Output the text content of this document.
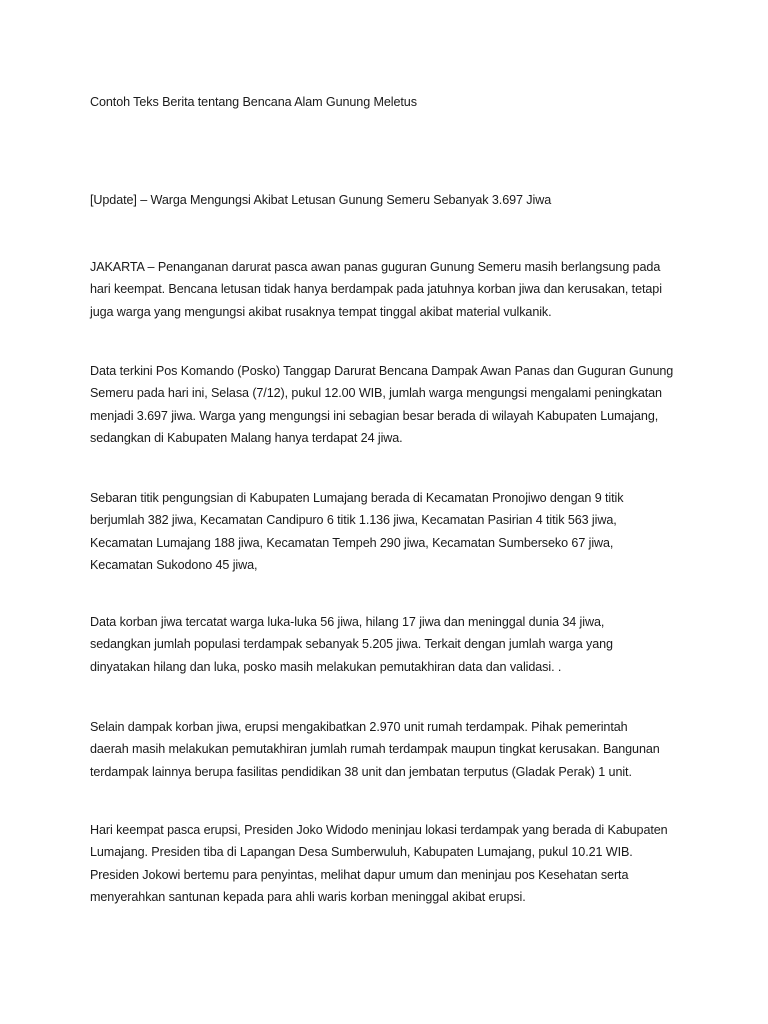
Contoh Teks Berita tentang Bencana Alam Gunung Meletus

[Update] – Warga Mengungsi Akibat Letusan Gunung Semeru Sebanyak 3.697 Jiwa

JAKARTA – Penanganan darurat pasca awan panas guguran Gunung Semeru masih berlangsung pada
hari keempat. Bencana letusan tidak hanya berdampak pada jatuhnya korban jiwa dan kerusakan, tetapi
juga warga yang mengungsi akibat rusaknya tempat tinggal akibat material vulkanik.
Data terkini Pos Komando (Posko) Tanggap Darurat Bencana Dampak Awan Panas dan Guguran Gunung
Semeru pada hari ini, Selasa (7/12), pukul 12.00 WIB, jumlah warga mengungsi mengalami peningkatan
menjadi 3.697 jiwa. Warga yang mengungsi ini sebagian besar berada di wilayah Kabupaten Lumajang,
sedangkan di Kabupaten Malang hanya terdapat 24 jiwa.
Sebaran titik pengungsian di Kabupaten Lumajang berada di Kecamatan Pronojiwo dengan 9 titik
berjumlah 382 jiwa, Kecamatan Candipuro 6 titik 1.136 jiwa, Kecamatan Pasirian 4 titik 563 jiwa,
Kecamatan Lumajang 188 jiwa, Kecamatan Tempeh 290 jiwa, Kecamatan Sumberseko 67 jiwa,
Kecamatan Sukodono 45 jiwa,
Data korban jiwa tercatat warga luka-luka 56 jiwa, hilang 17 jiwa dan meninggal dunia 34 jiwa,
sedangkan jumlah populasi terdampak sebanyak 5.205 jiwa. Terkait dengan jumlah warga yang
dinyatakan hilang dan luka, posko masih melakukan pemutakhiran data dan validasi. .
Selain dampak korban jiwa, erupsi mengakibatkan 2.970 unit rumah terdampak. Pihak pemerintah
daerah masih melakukan pemutakhiran jumlah rumah terdampak maupun tingkat kerusakan. Bangunan
terdampak lainnya berupa fasilitas pendidikan 38 unit dan jembatan terputus (Gladak Perak) 1 unit.
Hari keempat pasca erupsi, Presiden Joko Widodo meninjau lokasi terdampak yang berada di Kabupaten
Lumajang. Presiden tiba di Lapangan Desa Sumberwuluh, Kabupaten Lumajang, pukul 10.21 WIB.
Presiden Jokowi bertemu para penyintas, melihat dapur umum dan meninjau pos Kesehatan serta
menyerahkan santunan kepada para ahli waris korban meninggal akibat erupsi.
